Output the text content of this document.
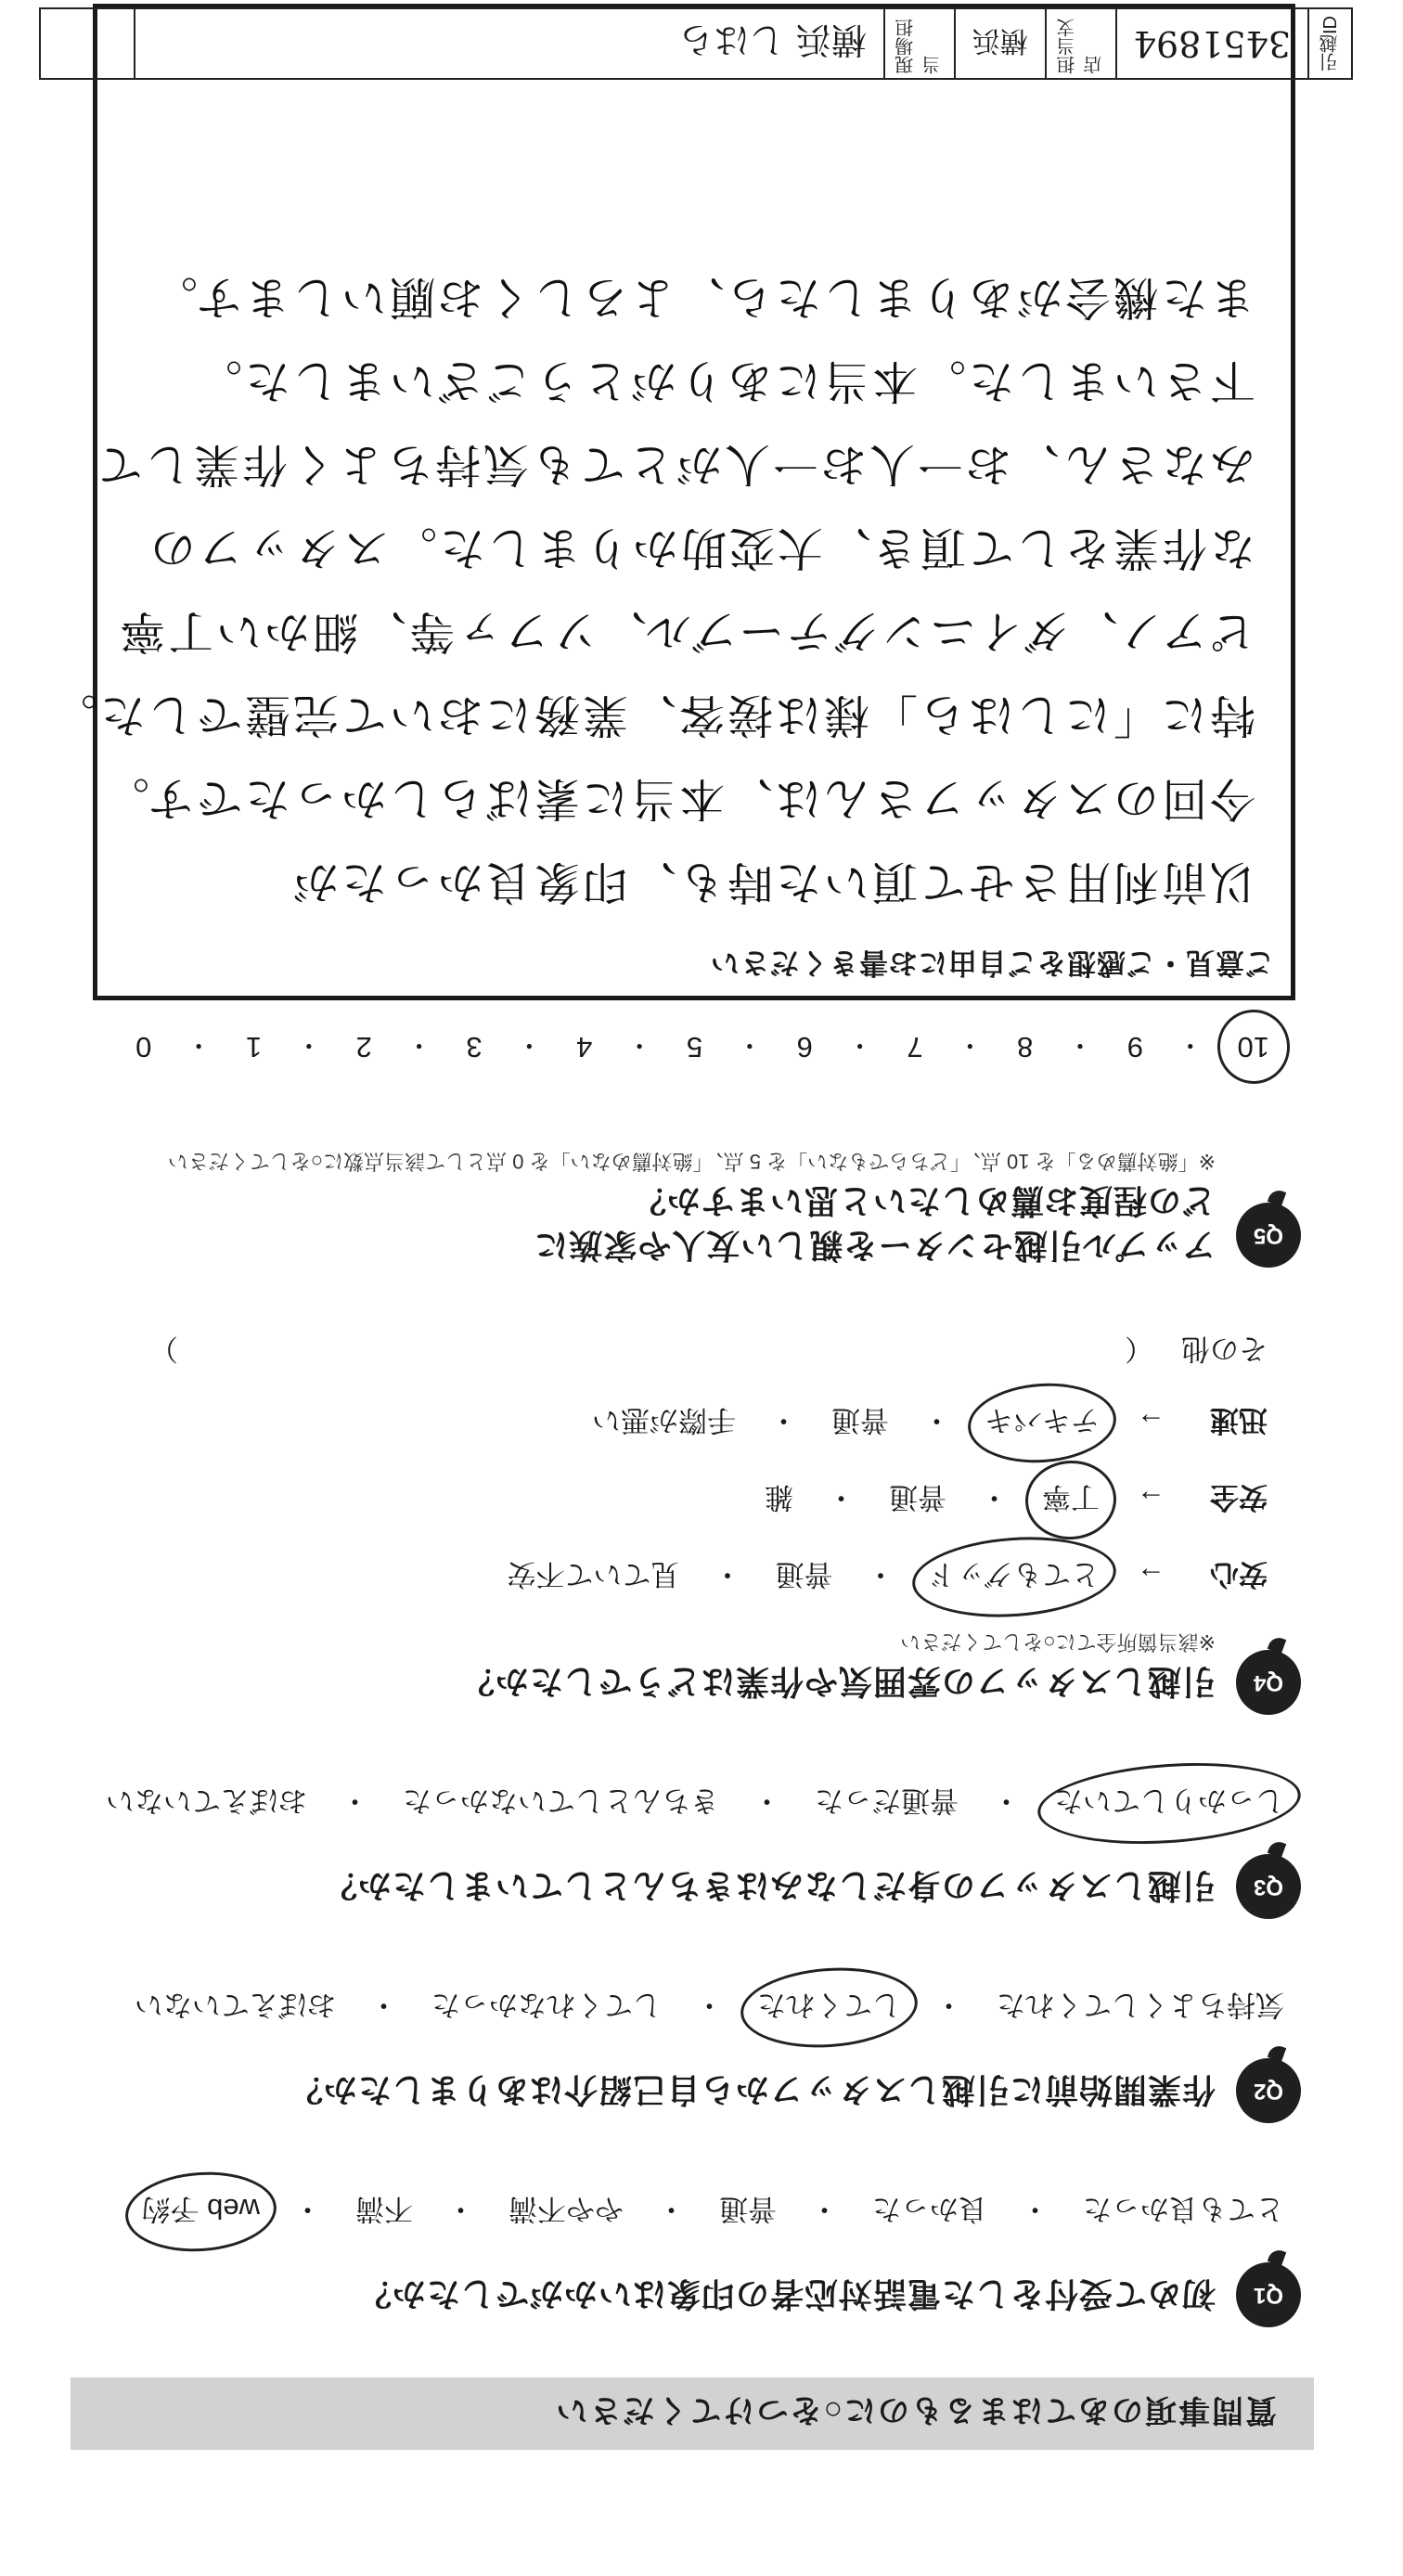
質問事項のあてはまるものに○をつけてください
Q1
初めて受付をした電話対応者の印象はいかがでしたか？
とても良かった
・
良かった
・
普通
・
やや不満
・
不満
・
web 予約
Q2
作業開始前に引越しスタッフから自己紹介はありましたか？
気持ちよくしてくれた
・
してくれた
・
してくれなかった
・
おぼえていない
Q3
引越しスタッフの身だしなみはきちんとしていましたか？
しっかりしていた
・
普通だった
・
きちんとしていなかった
・
おぼえていない
Q4
引越しスタッフの雰囲気や作業はどうでしたか？
※該当箇所全てに○をしてください
安心
→
とてもグッド
・
普通
・
見ていて不安
安全
→
丁寧
・
普通
・
雑
迅速
→
テキパキ
・
普通
・
手際が悪い
その他
（
）
Q5
アップル引越センターを親しい友人や家族に
どの程度お薦めしたいと思いますか？
※「絶対薦める」を 10 点、「どちらでもない」を 5 点、「絶対薦めない」を 0 点として該当点数に○をしてください
10
・
9
・
8
・
7
・
6
・
5
・
4
・
3
・
2
・
1
・
0
ご意見・ご感想をご自由にお書きください
以前利用させて頂いた時も、印象良かったが
今回のスタッフさんは、本当に素ばらしかったです。
特に「にしはら」様は接客、業務において完璧でした。
ピアノ、ダイニングテーブル、ソファ等、細かい丁寧
な作業をして頂き、大変助かりました。スタッフの
みなさん、お一人お一人がとても気持ちよく作業して
下さいました。本当にありがとうございました。
また機会がありましたら、よろしくお願いします。
引越ID
3451894
担当支店
横浜
現場担当
横浜 しはら
